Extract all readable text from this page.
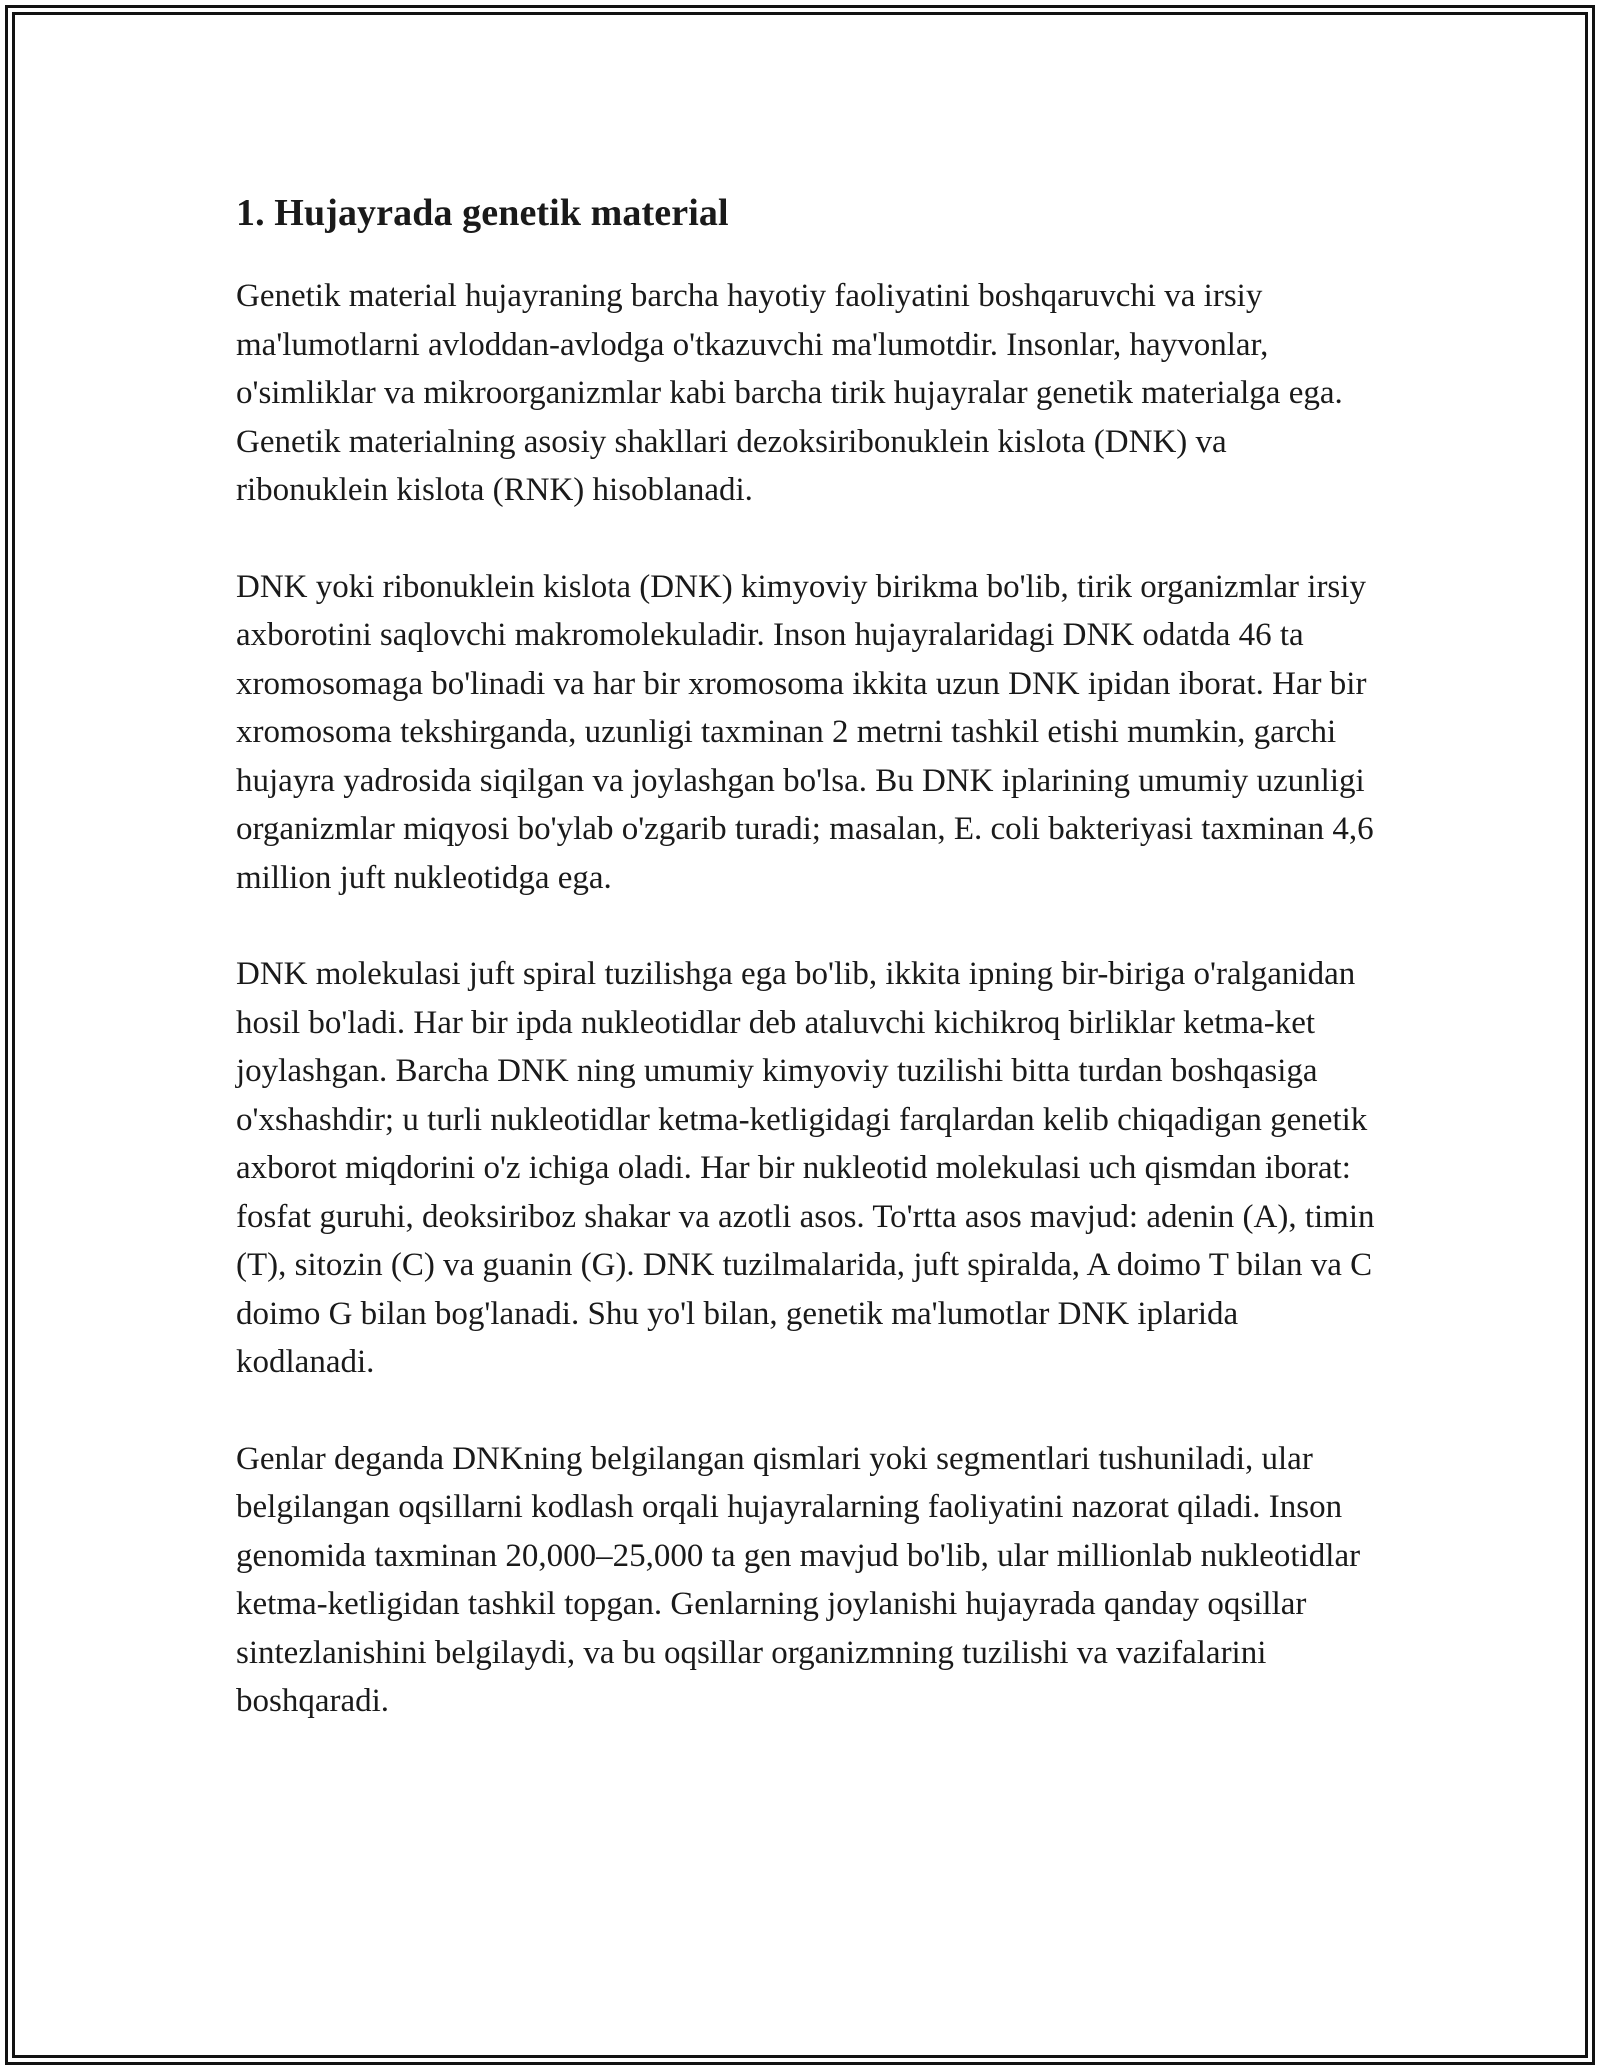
1. Hujayrada genetik material

Genetik material hujayraning barcha hayotiy faoliyatini boshqaruvchi va irsiy ma'lumotlarni avloddan-avlodga o'tkazuvchi ma'lumotdir. Insonlar, hayvonlar, o'simliklar va mikroorganizmlar kabi barcha tirik hujayralar genetik materialga ega. Genetik materialning asosiy shakllari dezoksiribonuklein kislota (DNK) va ribonuklein kislota (RNK) hisoblanadi.

DNK yoki ribonuklein kislota (DNK) kimyoviy birikma bo'lib, tirik organizmlar irsiy axborotini saqlovchi makromolekuladir. Inson hujayralaridagi DNK odatda 46 ta xromosomaga bo'linadi va har bir xromosoma ikkita uzun DNK ipidan iborat. Har bir xromosoma tekshirganda, uzunligi taxminan 2 metrni tashkil etishi mumkin, garchi hujayra yadrosida siqilgan va joylashgan bo'lsa. Bu DNK iplarining umumiy uzunligi organizmlar miqyosi bo'ylab o'zgarib turadi; masalan, E. coli bakteriyasi taxminan 4,6 million juft nukleotidga ega.

DNK molekulasi juft spiral tuzilishga ega bo'lib, ikkita ipning bir-biriga o'ralganidan hosil bo'ladi. Har bir ipda nukleotidlar deb ataluvchi kichikroq birliklar ketma-ket joylashgan. Barcha DNK ning umumiy kimyoviy tuzilishi bitta turdan boshqasiga o'xshashdir; u turli nukleotidlar ketma-ketligidagi farqlardan kelib chiqadigan genetik axborot miqdorini o'z ichiga oladi. Har bir nukleotid molekulasi uch qismdan iborat: fosfat guruhi, deoksiriboz shakar va azotli asos. To'rtta asos mavjud: adenin (A), timin (T), sitozin (C) va guanin (G). DNK tuzilmalarida, juft spiralda, A doimo T bilan va C doimo G bilan bog'lanadi. Shu yo'l bilan, genetik ma'lumotlar DNK iplarida kodlanadi.

Genlar deganda DNKning belgilangan qismlari yoki segmentlari tushuniladi, ular belgilangan oqsillarni kodlash orqali hujayralarning faoliyatini nazorat qiladi. Inson genomida taxminan 20,000–25,000 ta gen mavjud bo'lib, ular millionlab nukleotidlar ketma-ketligidan tashkil topgan. Genlarning joylanishi hujayrada qanday oqsillar sintezlanishini belgilaydi, va bu oqsillar organizmning tuzilishi va vazifalarini boshqaradi.
